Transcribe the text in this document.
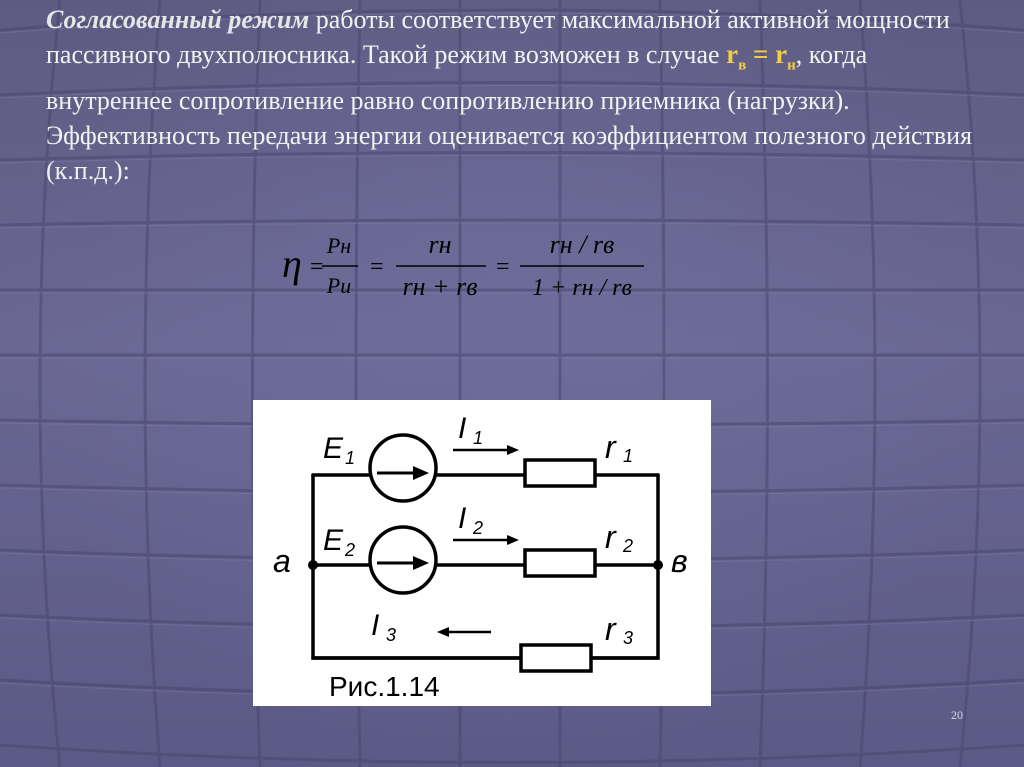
Согласованный режим работы соответствует максимальной активной мощности пассивного двухполюсника. Такой режим возможен в случае $r_в = r_н$, когда внутреннее сопротивление равно сопротивлению приемника (нагрузки). Эффективность передачи энергии оценивается коэффициентом полезного действия (к.п.д.):
η =
Pн
Pи
=
rн
rн + rв
=
rн / rв
1 + rн / rв
E 1
E 2
I 1
I 2
I 3
r 1
r 2
r 3
a	в
Рис.1.14
20
